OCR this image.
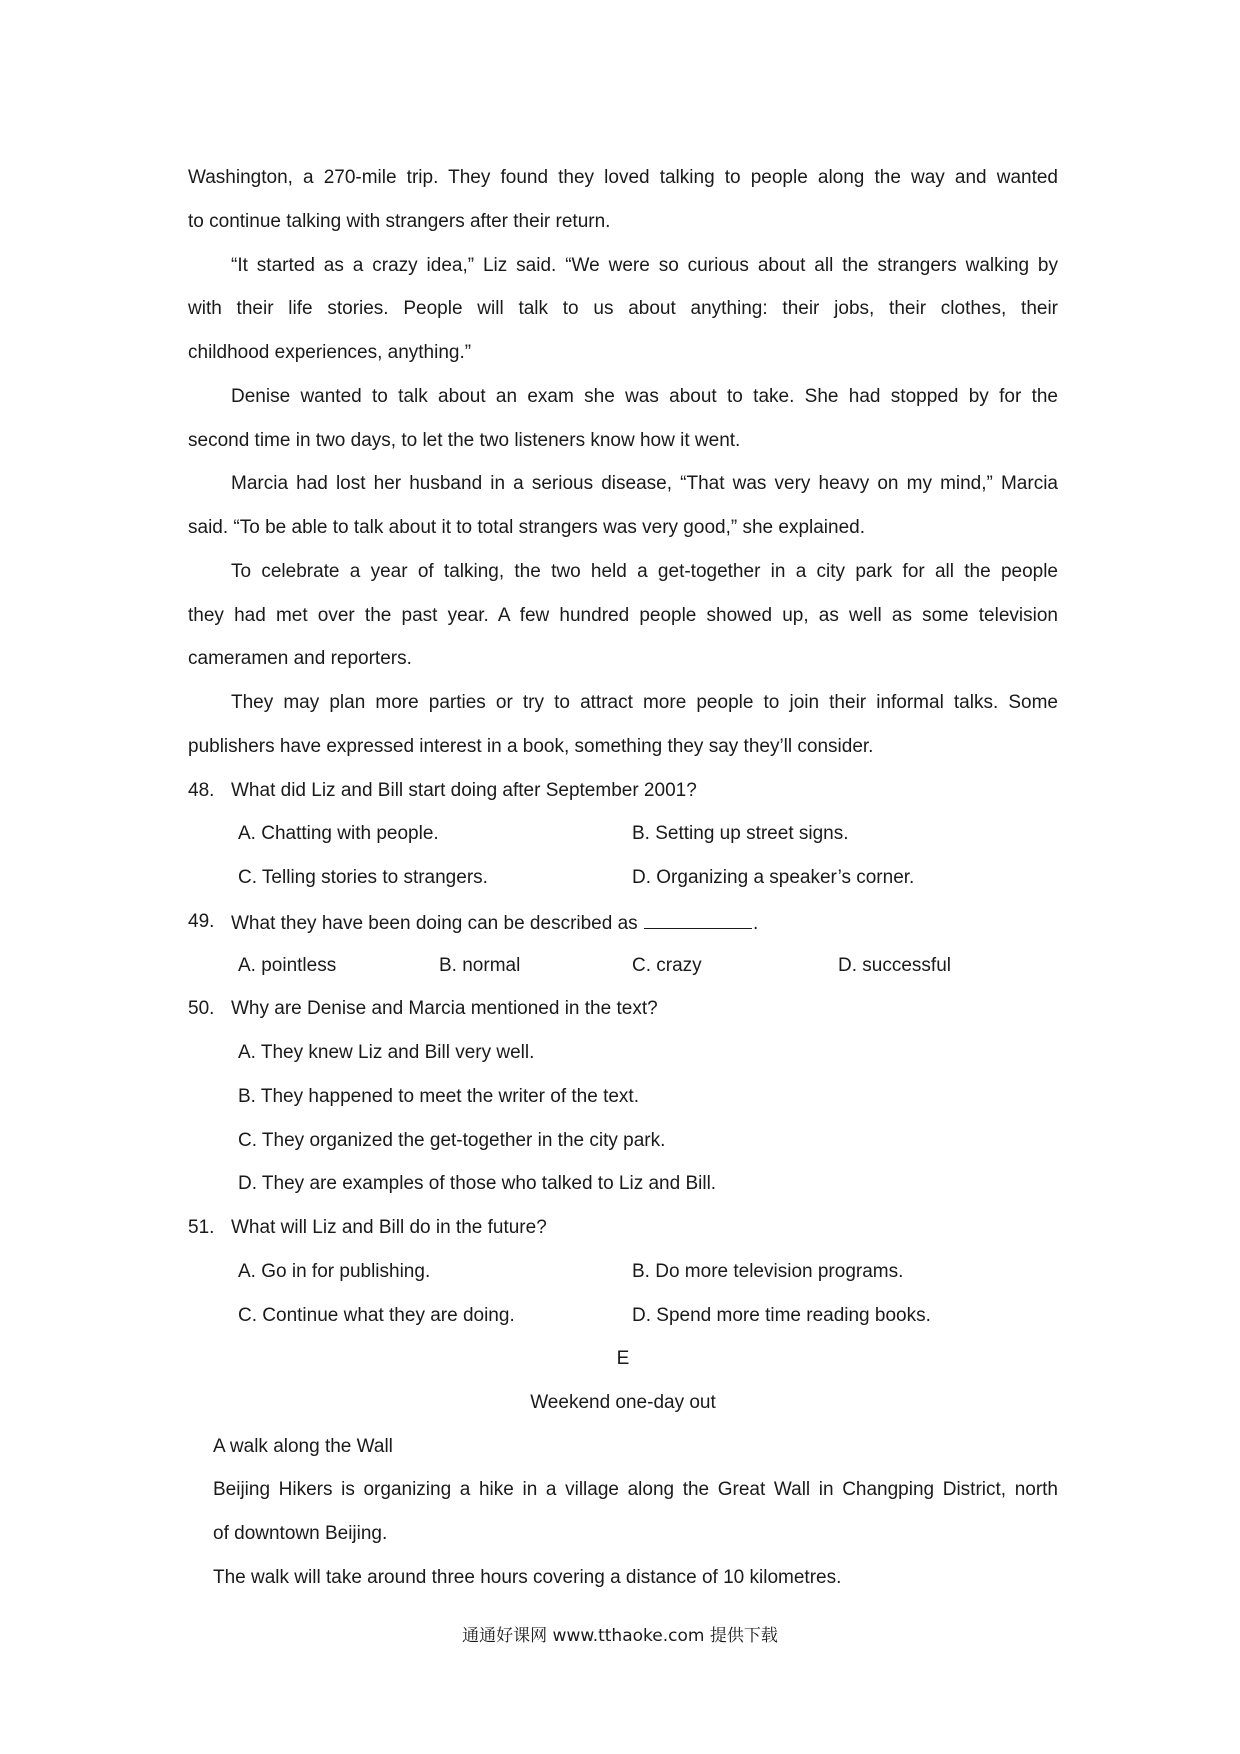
Washington, a 270-mile trip. They found they loved talking to people along the way and wanted
to continue talking with strangers after their return.
“It started as a crazy idea,” Liz said. “We were so curious about all the strangers walking by
with their life stories. People will talk to us about anything: their jobs, their clothes, their
childhood experiences, anything.”
Denise wanted to talk about an exam she was about to take. She had stopped by for the
second time in two days, to let the two listeners know how it went.
Marcia had lost her husband in a serious disease, “That was very heavy on my mind,” Marcia
said. “To be able to talk about it to total strangers was very good,” she explained.
To celebrate a year of talking, the two held a get-together in a city park for all the people
they had met over the past year. A few hundred people showed up, as well as some television
cameramen and reporters.
They may plan more parties or try to attract more people to join their informal talks. Some
publishers have expressed interest in a book, something they say they’ll consider.
48. What did Liz and Bill start doing after September 2001?
A. Chatting with people.	B. Setting up street signs.
C. Telling stories to strangers.	D. Organizing a speaker’s corner.
49. What they have been doing can be described as	.
A. pointless	B. normal	C. crazy	D. successful
50. Why are Denise and Marcia mentioned in the text?
A. They knew Liz and Bill very well.
B. They happened to meet the writer of the text.
C. They organized the get-together in the city park.
D. They are examples of those who talked to Liz and Bill.
51. What will Liz and Bill do in the future?
A. Go in for publishing.	B. Do more television programs.
C. Continue what they are doing.	D. Spend more time reading books.
E
Weekend one-day out
A walk along the Wall
Beijing Hikers is organizing a hike in a village along the Great Wall in Changping District, north
of downtown Beijing.
The walk will take around three hours covering a distance of 10 kilometres.
通通好课网 www.tthaoke.com 提供下载
